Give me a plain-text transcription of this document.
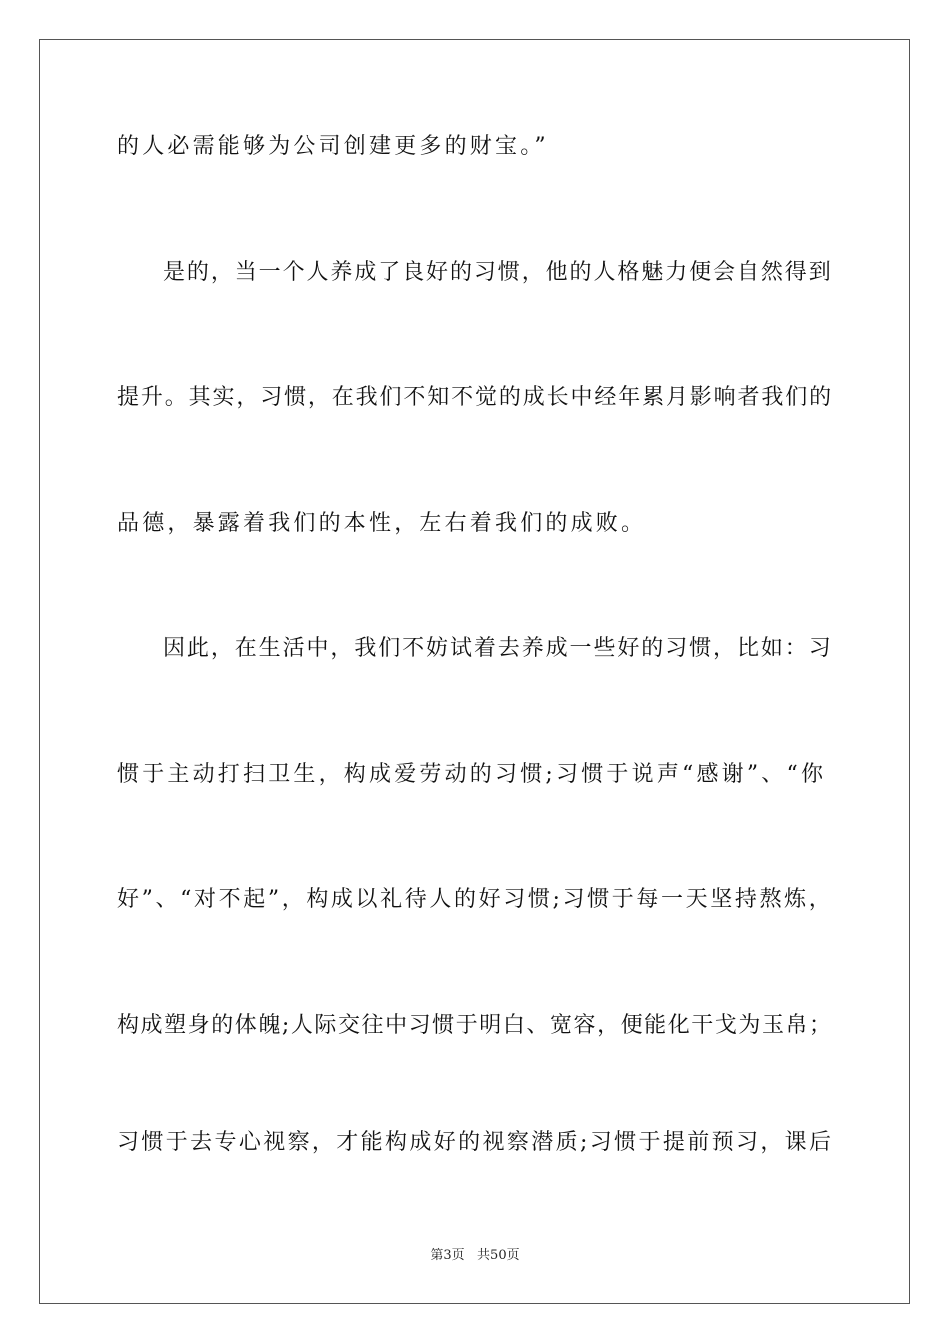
的人必需能够为公司创建更多的财宝。”
是的，当一个人养成了良好的习惯，他的人格魅力便会自然得到
提升。其实，习惯，在我们不知不觉的成长中经年累月影响者我们的
品德，暴露着我们的本性，左右着我们的成败。
因此，在生活中，我们不妨试着去养成一些好的习惯，比如：习
惯于主动打扫卫生，构成爱劳动的习惯;习惯于说声“感谢”、“你
好”、“对不起”，构成以礼待人的好习惯;习惯于每一天坚持熬炼，
构成塑身的体魄;人际交往中习惯于明白、宽容，便能化干戈为玉帛；
习惯于去专心视察，才能构成好的视察潜质;习惯于提前预习，课后
第3页   共50页
